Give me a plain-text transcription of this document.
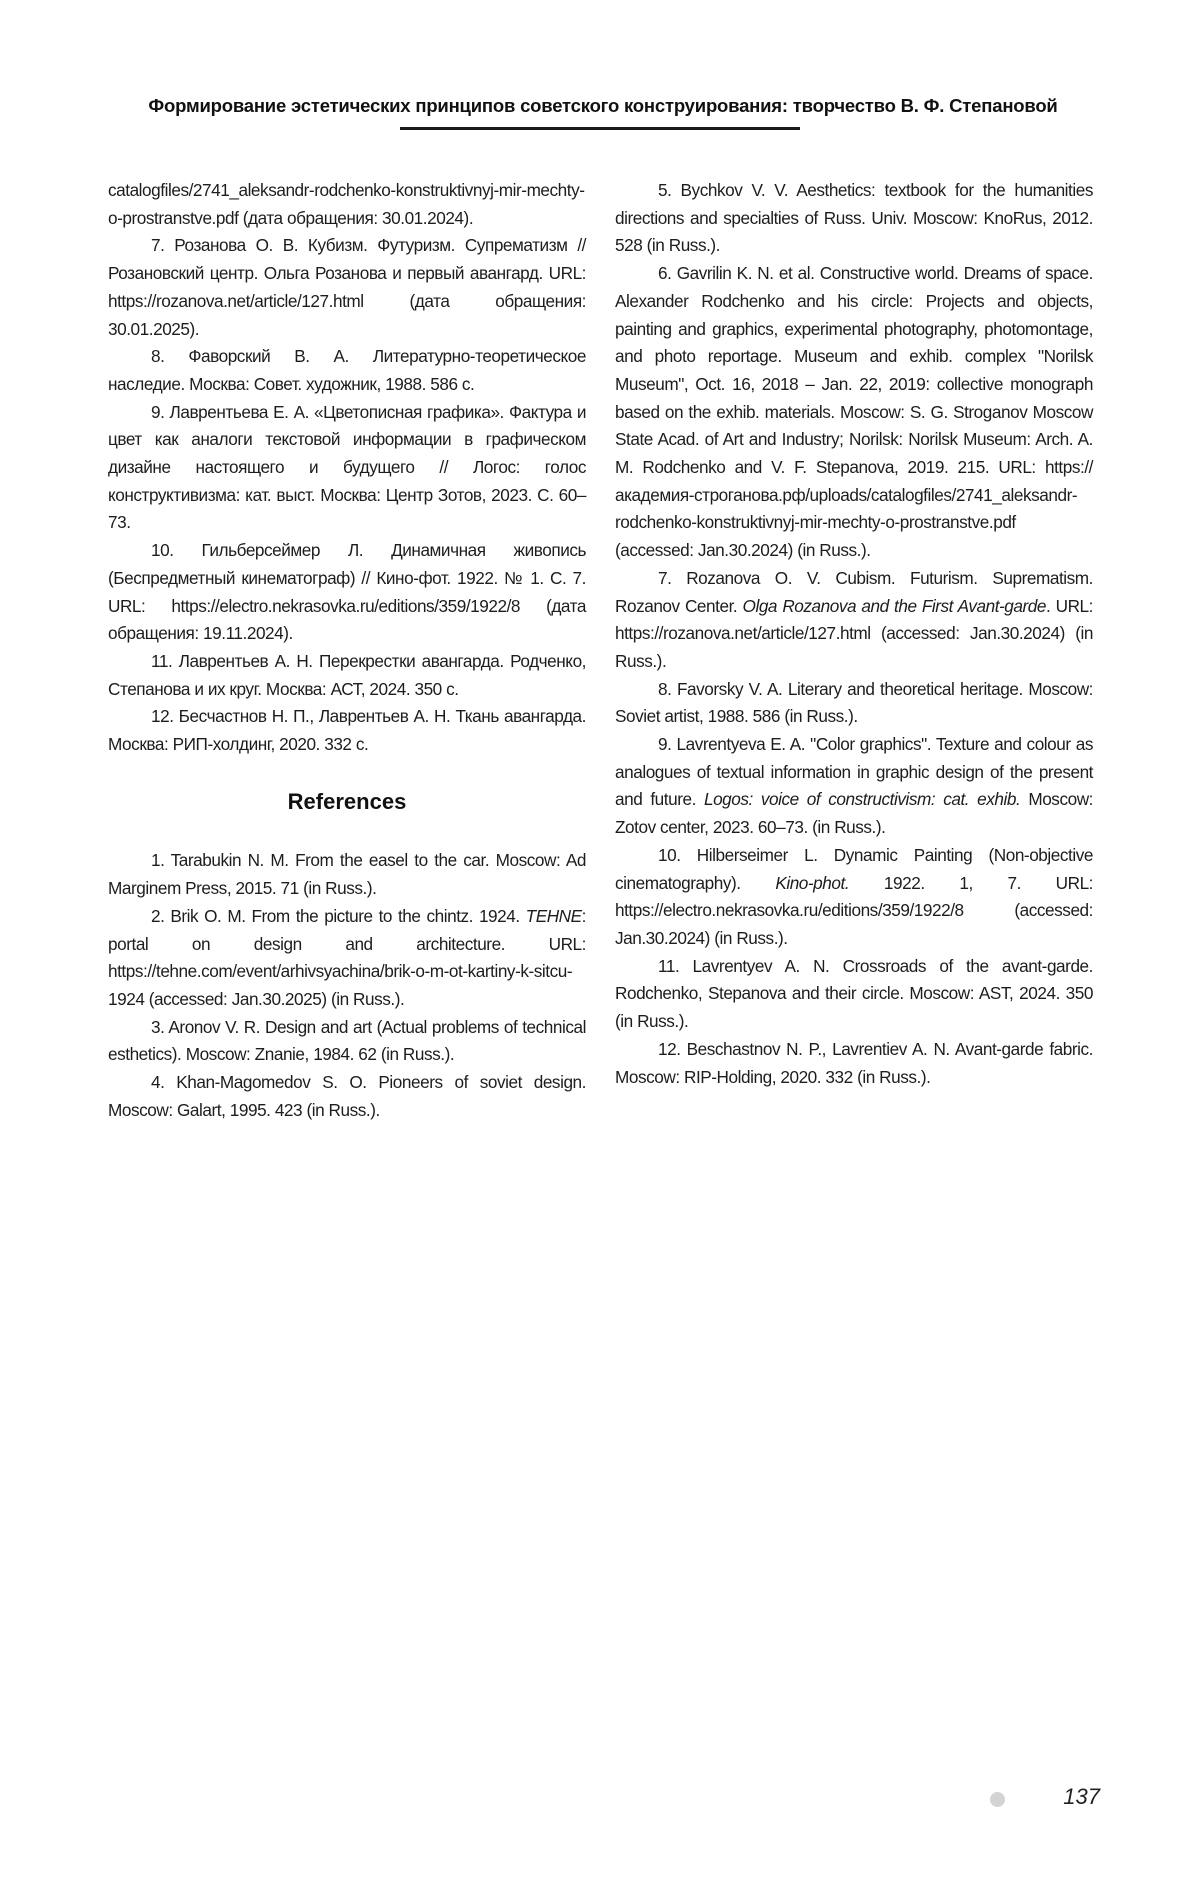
Формирование эстетических принципов советского конструирования: творчество В. Ф. Степановой

catalogfiles/2741_aleksandr-rodchenko-konstruktivnyj-mir-mechty-o-prostranstve.pdf (дата обращения: 30.01.2024).

7. Розанова О. В. Кубизм. Футуризм. Супрематизм // Розановский центр. Ольга Розанова и первый авангард. URL: https://rozanova.net/article/127.html (дата обращения: 30.01.2025).

8. Фаворский В. А. Литературно-теоретическое наследие. Москва: Совет. художник, 1988. 586 с.

9. Лаврентьева Е. А. «Цветописная графика». Фактура и цвет как аналоги текстовой информации в графическом дизайне настоящего и будущего // Логос: голос конструктивизма: кат. выст. Москва: Центр Зотов, 2023. С. 60–73.

10. Гильберсеймер Л. Динамичная живопись (Беспредметный кинематограф) // Кино-фот. 1922. № 1. С. 7. URL: https://electro.nekrasovka.ru/editions/359/1922/8 (дата обращения: 19.11.2024).

11. Лаврентьев А. Н. Перекрестки авангарда. Родченко, Степанова и их круг. Москва: АСТ, 2024. 350 с.

12. Бесчастнов Н. П., Лаврентьев А. Н. Ткань авангарда. Москва: РИП-холдинг, 2020. 332 с.

References

1. Tarabukin N. M. From the easel to the car. Moscow: Ad Marginem Press, 2015. 71 (in Russ.).

2. Brik O. M. From the picture to the chintz. 1924. TEHNE: portal on design and architecture. URL: https://tehne.com/event/arhivsyachina/brik-o-m-ot-kartiny-k-sitcu-1924 (accessed: Jan.30.2025) (in Russ.).

3. Aronov V. R. Design and art (Actual problems of technical esthetics). Moscow: Znanie, 1984. 62 (in Russ.).

4. Khan-Magomedov S. O. Pioneers of soviet design. Moscow: Galart, 1995. 423 (in Russ.).

5. Bychkov V. V. Aesthetics: textbook for the humanities directions and specialties of Russ. Univ. Moscow: KnoRus, 2012. 528 (in Russ.).

6. Gavrilin K. N. et al. Constructive world. Dreams of space. Alexander Rodchenko and his circle: Projects and objects, painting and graphics, experimental photography, photomontage, and photo reportage. Museum and exhib. complex "Norilsk Museum", Oct. 16, 2018 – Jan. 22, 2019: collective monograph based on the exhib. materials. Moscow: S. G. Stroganov Moscow State Acad. of Art and Industry; Norilsk: Norilsk Museum: Arch. A. M. Rodchenko and V. F. Stepanova, 2019. 215. URL: https://академия-строганова.рф/uploads/catalogfiles/2741_aleksandr-rodchenko-konstruktivnyj-mir-mechty-o-prostranstve.pdf (accessed: Jan.30.2024) (in Russ.).

7. Rozanova O. V. Cubism. Futurism. Suprematism. Rozanov Center. Olga Rozanova and the First Avant-garde. URL: https://rozanova.net/article/127.html (accessed: Jan.30.2024) (in Russ.).

8. Favorsky V. A. Literary and theoretical heritage. Moscow: Soviet artist, 1988. 586 (in Russ.).

9. Lavrentyeva E. A. "Color graphics". Texture and colour as analogues of textual information in graphic design of the present and future. Logos: voice of constructivism: cat. exhib. Moscow: Zotov center, 2023. 60–73. (in Russ.).

10. Hilberseimer L. Dynamic Painting (Non-objective cinematography). Kino-phot. 1922. 1, 7. URL: https://electro.nekrasovka.ru/editions/359/1922/8 (accessed: Jan.30.2024) (in Russ.).

11. Lavrentyev A. N. Crossroads of the avant-garde. Rodchenko, Stepanova and their circle. Moscow: AST, 2024. 350 (in Russ.).

12. Beschastnov N. P., Lavrentiev A. N. Avant-garde fabric. Moscow: RIP-Holding, 2020. 332 (in Russ.).

137
